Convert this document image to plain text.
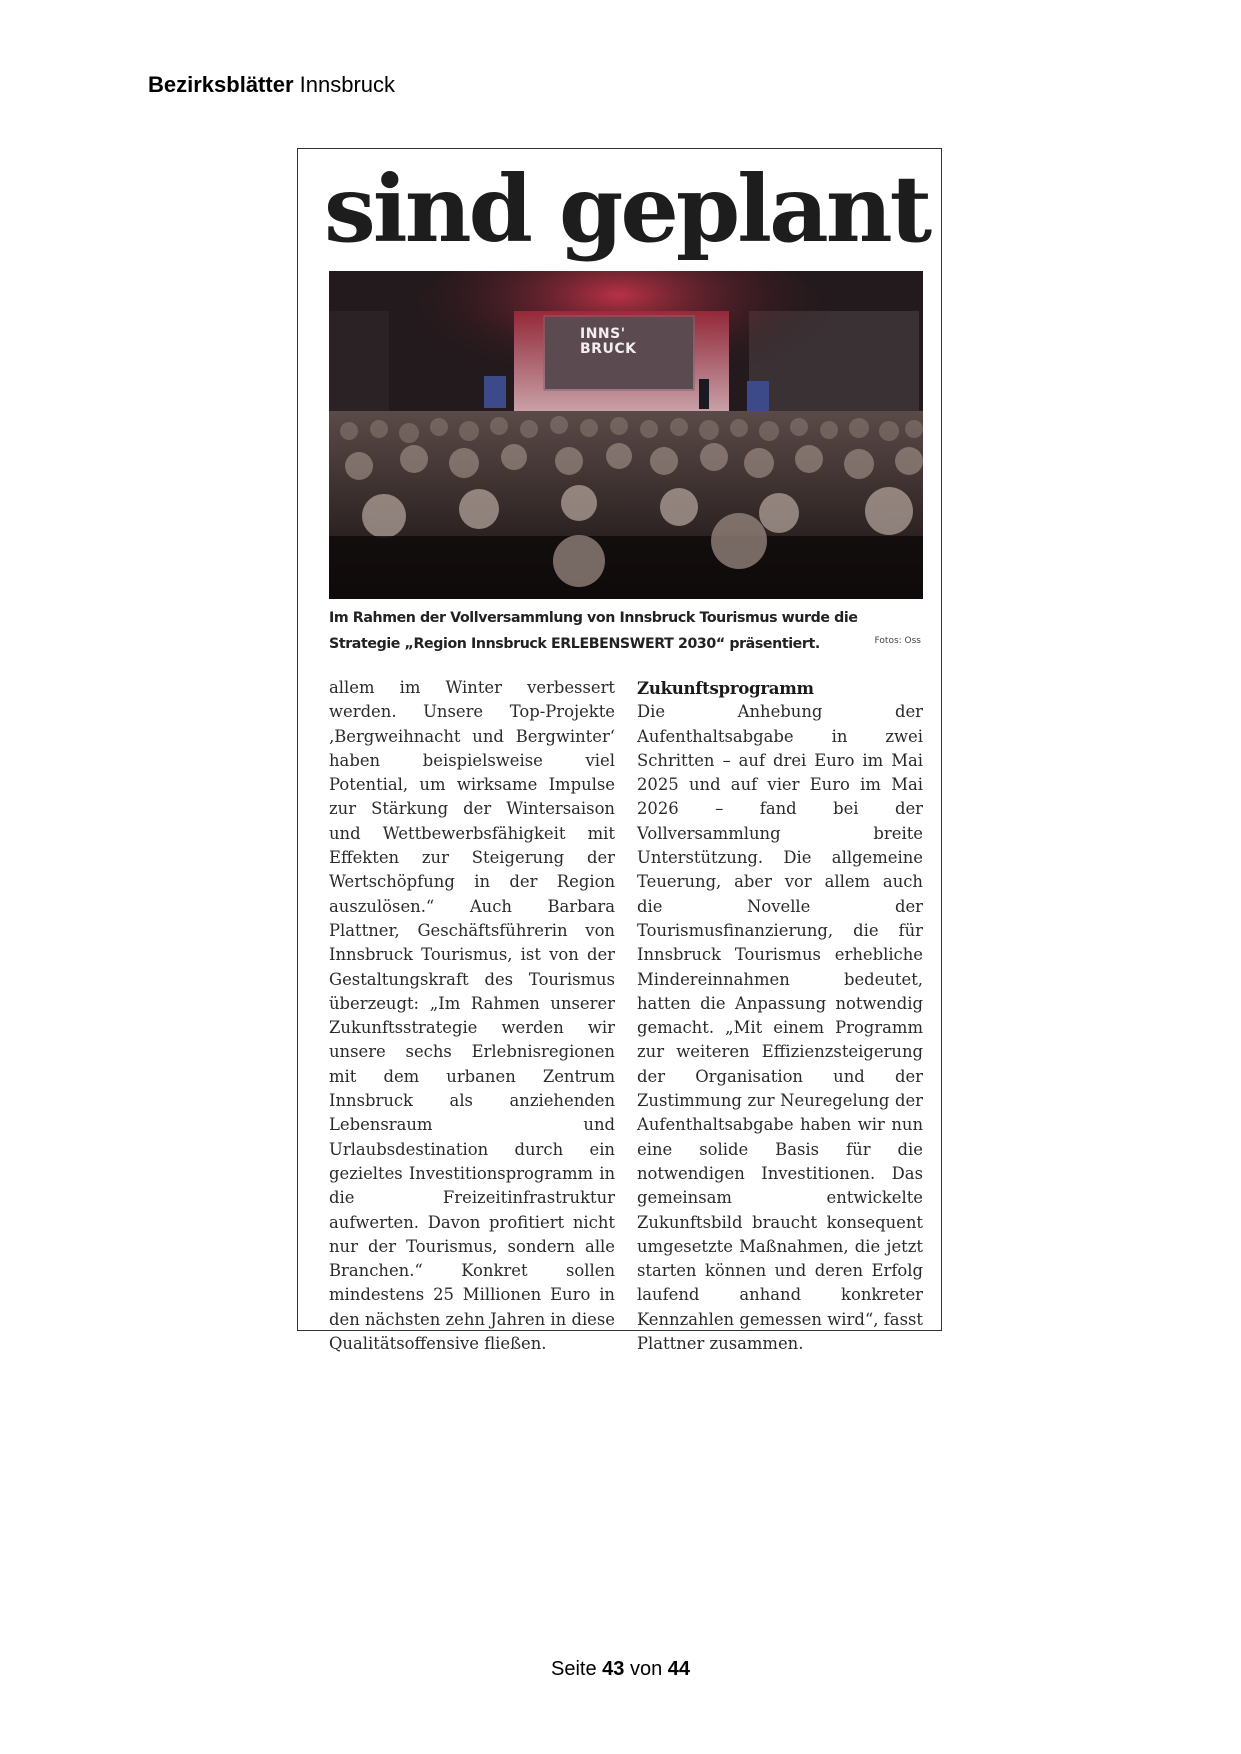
Bezirksblätter Innsbruck
sind geplant
INNS'
BRUCK
Im Rahmen der Vollversammlung von Innsbruck Tourismus wurde die Strategie „Region Innsbruck ERLEBENSWERT 2030“ präsentiert.	Fotos: Oss

allem im Winter verbessert werden. Unsere Top-Projekte ‚Bergweihnacht und Bergwinter‘ haben beispielsweise viel Potential, um wirksame Impulse zur Stärkung der Wintersaison und Wettbewerbsfähigkeit mit Effekten zur Steigerung der Wertschöpfung in der Region auszulösen.“ Auch Barbara Plattner, Geschäftsführerin von Innsbruck Tourismus, ist von der Gestaltungskraft des Tourismus überzeugt: „Im Rahmen unserer Zukunftsstrategie werden wir unsere sechs Erlebnisregionen mit dem urbanen Zentrum Innsbruck als anziehenden Lebensraum und Urlaubsdestination durch ein gezieltes Investitionsprogramm in die Freizeitinfrastruktur aufwerten. Davon profitiert nicht nur der Tourismus, sondern alle Branchen.“ Konkret sollen mindestens 25 Millionen Euro in den nächsten zehn Jahren in diese Qualitätsoffensive fließen.

Zukunftsprogramm

Die Anhebung der Aufenthaltsabgabe in zwei Schritten – auf drei Euro im Mai 2025 und auf vier Euro im Mai 2026 – fand bei der Vollversammlung breite Unterstützung. Die allgemeine Teuerung, aber vor allem auch die Novelle der Tourismusfinanzierung, die für Innsbruck Tourismus erhebliche Mindereinnahmen bedeutet, hatten die Anpassung notwendig gemacht. „Mit einem Programm zur weiteren Effizienzsteigerung der Organisation und der Zustimmung zur Neuregelung der Aufenthaltsabgabe haben wir nun eine solide Basis für die notwendigen Investitionen. Das gemeinsam entwickelte Zukunftsbild braucht konsequent umgesetzte Maßnahmen, die jetzt starten können und deren Erfolg laufend anhand konkreter Kennzahlen gemessen wird“, fasst Plattner zusammen.

Seite 43 von 44
